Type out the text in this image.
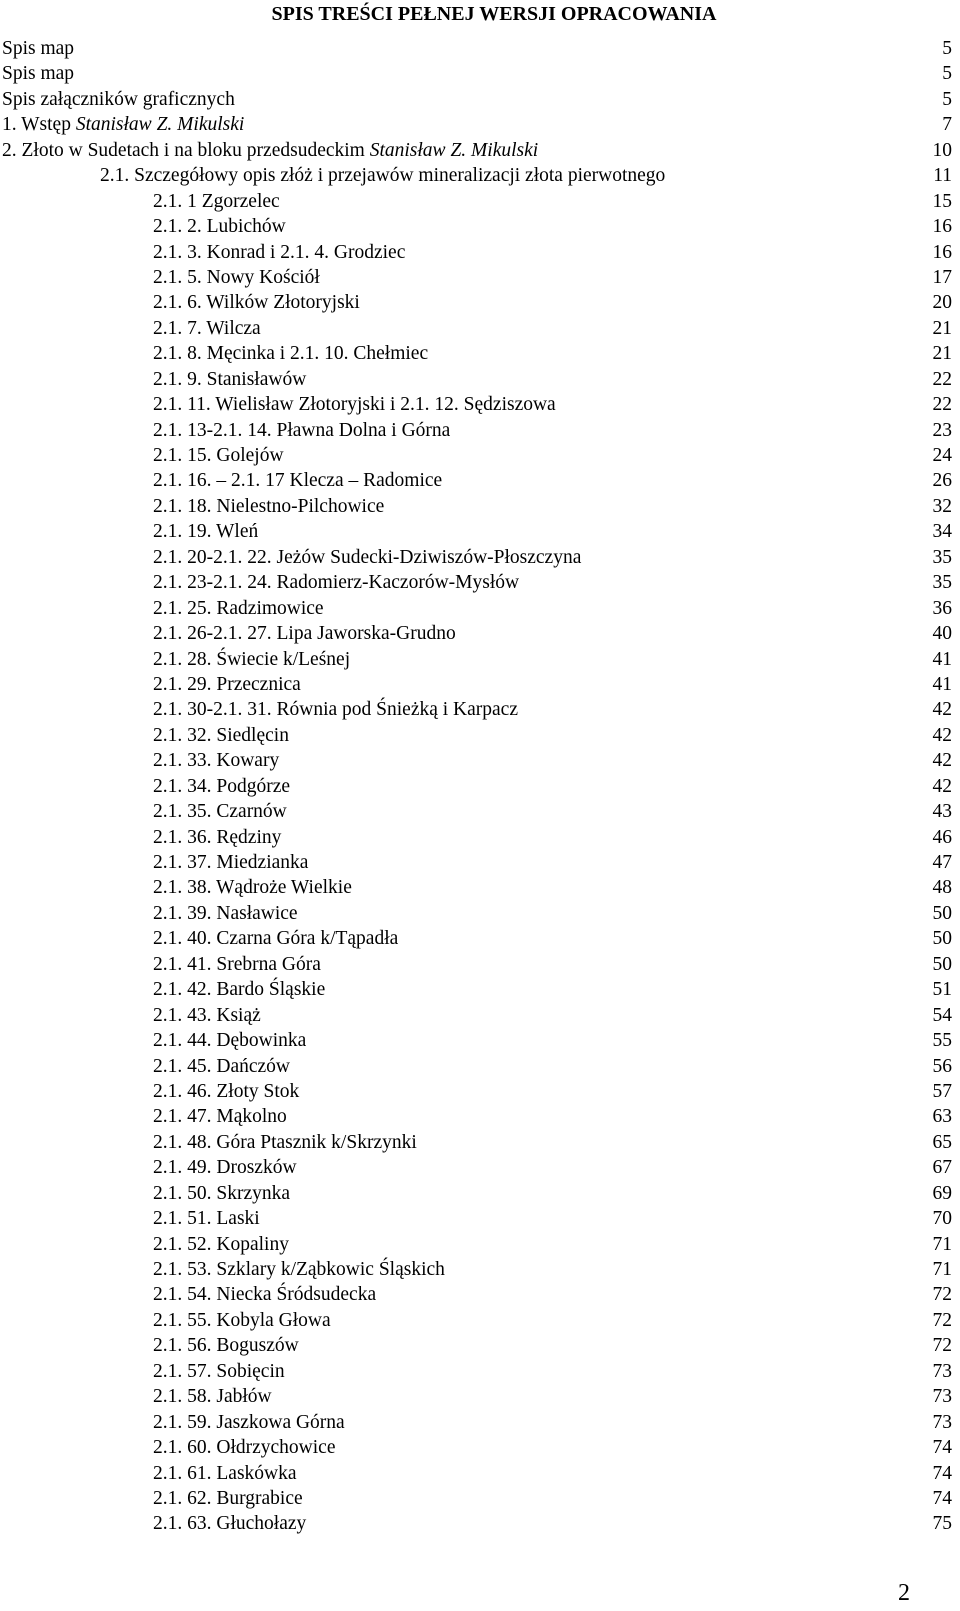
SPIS TREŚCI PEŁNEJ WERSJI OPRACOWANIA
Spis map	5
Spis map	5
Spis załączników graficznych	5
1. Wstęp Stanisław Z. Mikulski	7
2. Złoto w Sudetach i na bloku przedsudeckim Stanisław Z. Mikulski	10
2.1. Szczegółowy opis złóż i przejawów mineralizacji złota pierwotnego	11
2.1. 1 Zgorzelec	15
2.1. 2. Lubichów	16
2.1. 3. Konrad i 2.1. 4. Grodziec	16
2.1. 5. Nowy Kościół	17
2.1. 6. Wilków Złotoryjski	20
2.1. 7. Wilcza	21
2.1. 8. Męcinka i 2.1. 10. Chełmiec	21
2.1. 9. Stanisławów	22
2.1. 11. Wielisław Złotoryjski i 2.1. 12. Sędziszowa	22
2.1. 13-2.1. 14. Pławna Dolna i Górna	23
2.1. 15. Golejów	24
2.1. 16. – 2.1. 17 Klecza – Radomice	26
2.1. 18. Nielestno-Pilchowice	32
2.1. 19. Wleń	34
2.1. 20-2.1. 22. Jeżów Sudecki-Dziwiszów-Płoszczyna	35
2.1. 23-2.1. 24. Radomierz-Kaczorów-Mysłów	35
2.1. 25. Radzimowice	36
2.1. 26-2.1. 27. Lipa Jaworska-Grudno	40
2.1. 28. Świecie k/Leśnej	41
2.1. 29. Przecznica	41
2.1. 30-2.1. 31. Równia pod Śnieżką i Karpacz	42
2.1. 32. Siedlęcin	42
2.1. 33. Kowary	42
2.1. 34. Podgórze	42
2.1. 35. Czarnów	43
2.1. 36. Rędziny	46
2.1. 37. Miedzianka	47
2.1. 38. Wądroże Wielkie	48
2.1. 39. Nasławice	50
2.1. 40. Czarna Góra k/Tąpadła	50
2.1. 41. Srebrna Góra	50
2.1. 42. Bardo Śląskie	51
2.1. 43. Książ	54
2.1. 44. Dębowinka	55
2.1. 45. Dańczów	56
2.1. 46. Złoty Stok	57
2.1. 47. Mąkolno	63
2.1. 48. Góra Ptasznik k/Skrzynki	65
2.1. 49. Droszków	67
2.1. 50. Skrzynka	69
2.1. 51. Laski	70
2.1. 52. Kopaliny	71
2.1. 53. Szklary k/Ząbkowic Śląskich	71
2.1. 54. Niecka Śródsudecka	72
2.1. 55. Kobyla Głowa	72
2.1. 56. Boguszów	72
2.1. 57. Sobięcin	73
2.1. 58. Jabłów	73
2.1. 59. Jaszkowa Górna	73
2.1. 60. Ołdrzychowice	74
2.1. 61. Laskówka	74
2.1. 62. Burgrabice	74
2.1. 63. Głuchołazy	75
2
